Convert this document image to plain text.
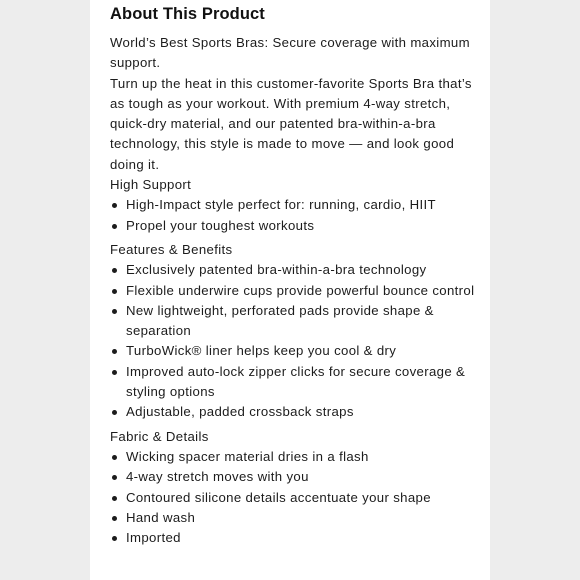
About This Product

World’s Best Sports Bras: Secure coverage with maximum support.

Turn up the heat in this customer-favorite Sports Bra that’s as tough as your workout. With premium 4-way stretch, quick-dry material, and our patented bra-within-a-bra technology, this style is made to move — and look good doing it.

High Support

High-Impact style perfect for: running, cardio, HIIT
Propel your toughest workouts

Features & Benefits

Exclusively patented bra-within-a-bra technology
Flexible underwire cups provide powerful bounce control
New lightweight, perforated pads provide shape & separation
TurboWick® liner helps keep you cool & dry
Improved auto-lock zipper clicks for secure coverage & styling options
Adjustable, padded crossback straps

Fabric & Details

Wicking spacer material dries in a flash
4-way stretch moves with you
Contoured silicone details accentuate your shape
Hand wash
Imported
